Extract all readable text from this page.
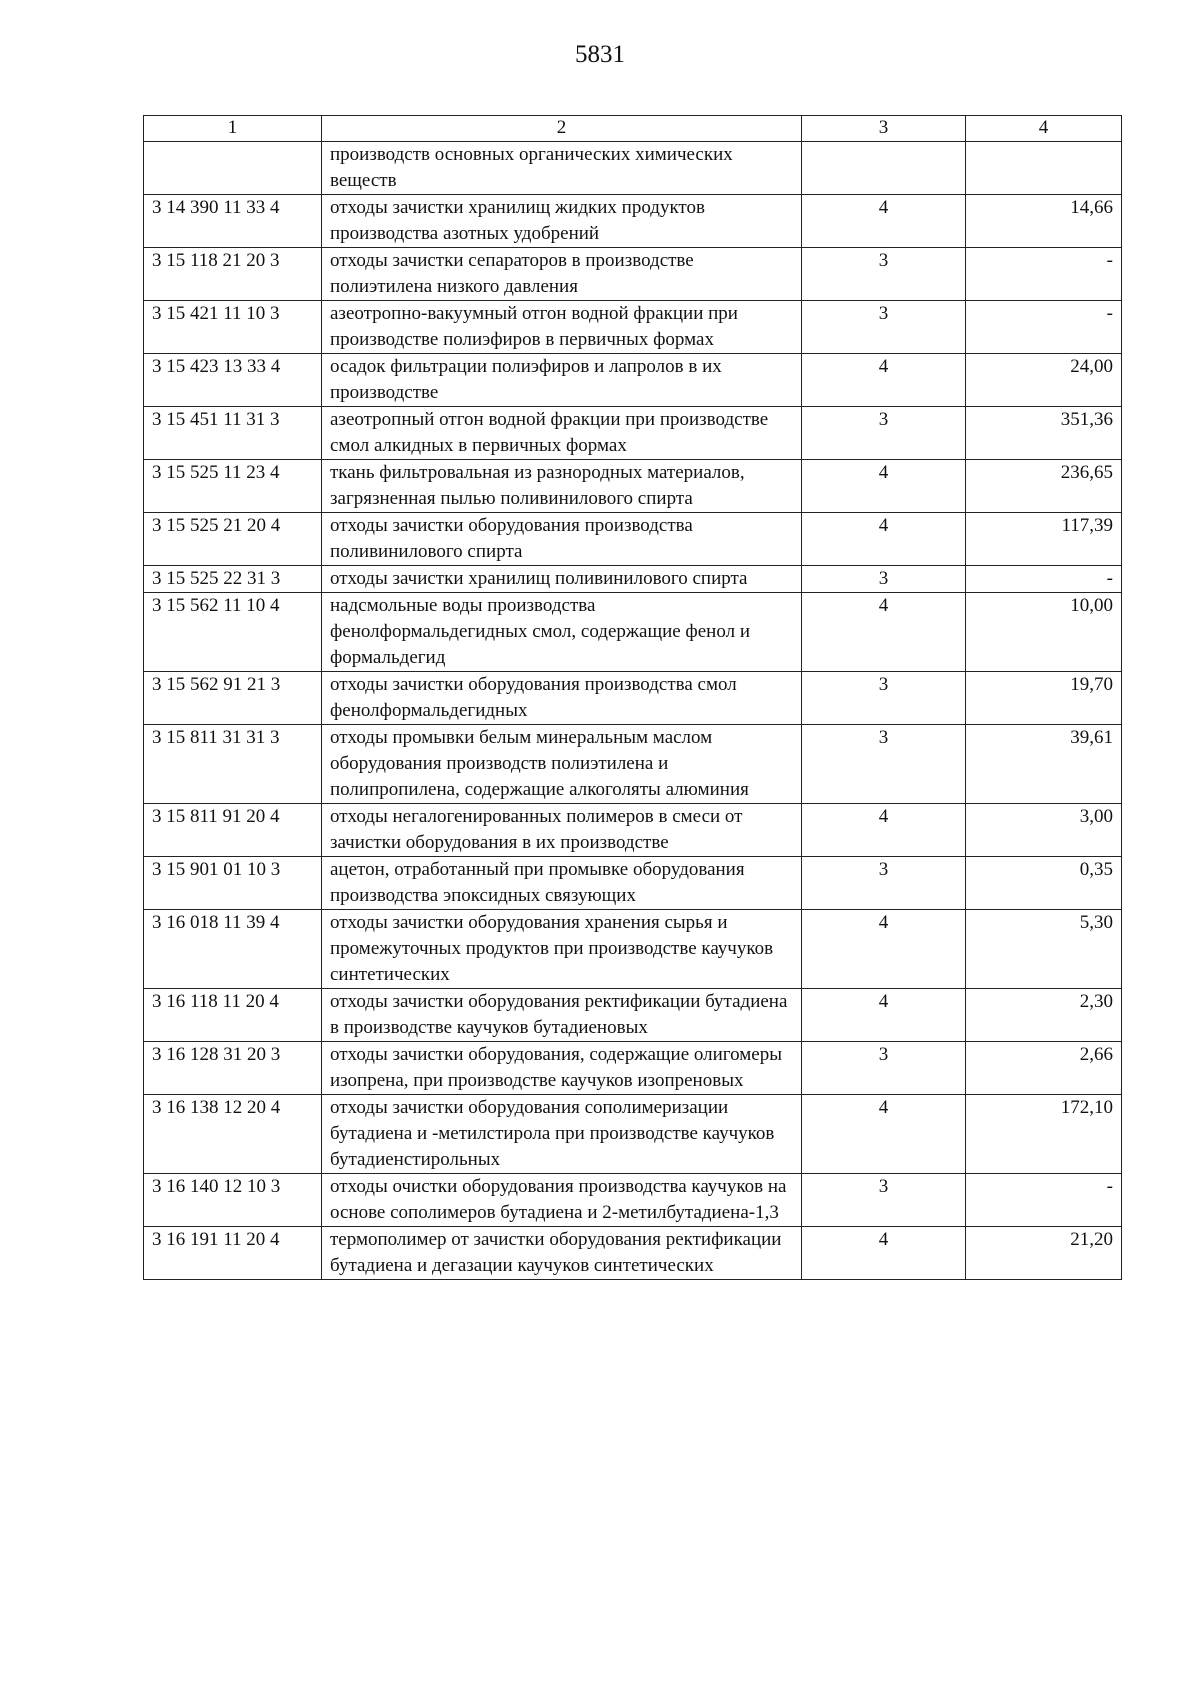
5831
1	2	3	4
	производств основных органических химических веществ		
3 14 390 11 33 4	отходы зачистки хранилищ жидких продуктов производства азотных удобрений	4	14,66
3 15 118 21 20 3	отходы зачистки сепараторов в производстве полиэтилена низкого давления	3	-
3 15 421 11 10 3	азеотропно-вакуумный отгон водной фракции при производстве полиэфиров в первичных формах	3	-
3 15 423 13 33 4	осадок фильтрации полиэфиров и лапролов в их производстве	4	24,00
3 15 451 11 31 3	азеотропный отгон водной фракции при производстве смол алкидных в первичных формах	3	351,36
3 15 525 11 23 4	ткань фильтровальная из разнородных материалов, загрязненная пылью поливинилового спирта	4	236,65
3 15 525 21 20 4	отходы зачистки оборудования производства поливинилового спирта	4	117,39
3 15 525 22 31 3	отходы зачистки хранилищ поливинилового спирта	3	-
3 15 562 11 10 4	надсмольные воды производства фенолформальдегидных смол, содержащие фенол и формальдегид	4	10,00
3 15 562 91 21 3	отходы зачистки оборудования производства смол фенолформальдегидных	3	19,70
3 15 811 31 31 3	отходы промывки белым минеральным маслом оборудования производств полиэтилена и полипропилена, содержащие алкоголяты алюминия	3	39,61
3 15 811 91 20 4	отходы негалогенированных полимеров в смеси от зачистки оборудования в их производстве	4	3,00
3 15 901 01 10 3	ацетон, отработанный при промывке оборудования производства эпоксидных связующих	3	0,35
3 16 018 11 39 4	отходы зачистки оборудования хранения сырья и промежуточных продуктов при производстве каучуков синтетических	4	5,30
3 16 118 11 20 4	отходы зачистки оборудования ректификации бутадиена в производстве каучуков бутадиеновых	4	2,30
3 16 128 31 20 3	отходы зачистки оборудования, содержащие олигомеры изопрена, при производстве каучуков изопреновых	3	2,66
3 16 138 12 20 4	отходы зачистки оборудования сополимеризации бутадиена и -метилстирола при производстве каучуков бутадиенстирольных	4	172,10
3 16 140 12 10 3	отходы очистки оборудования производства каучуков на основе сополимеров бутадиена и 2-метилбутадиена-1,3	3	-
3 16 191 11 20 4	термополимер от зачистки оборудования ректификации бутадиена и дегазации каучуков синтетических	4	21,20
